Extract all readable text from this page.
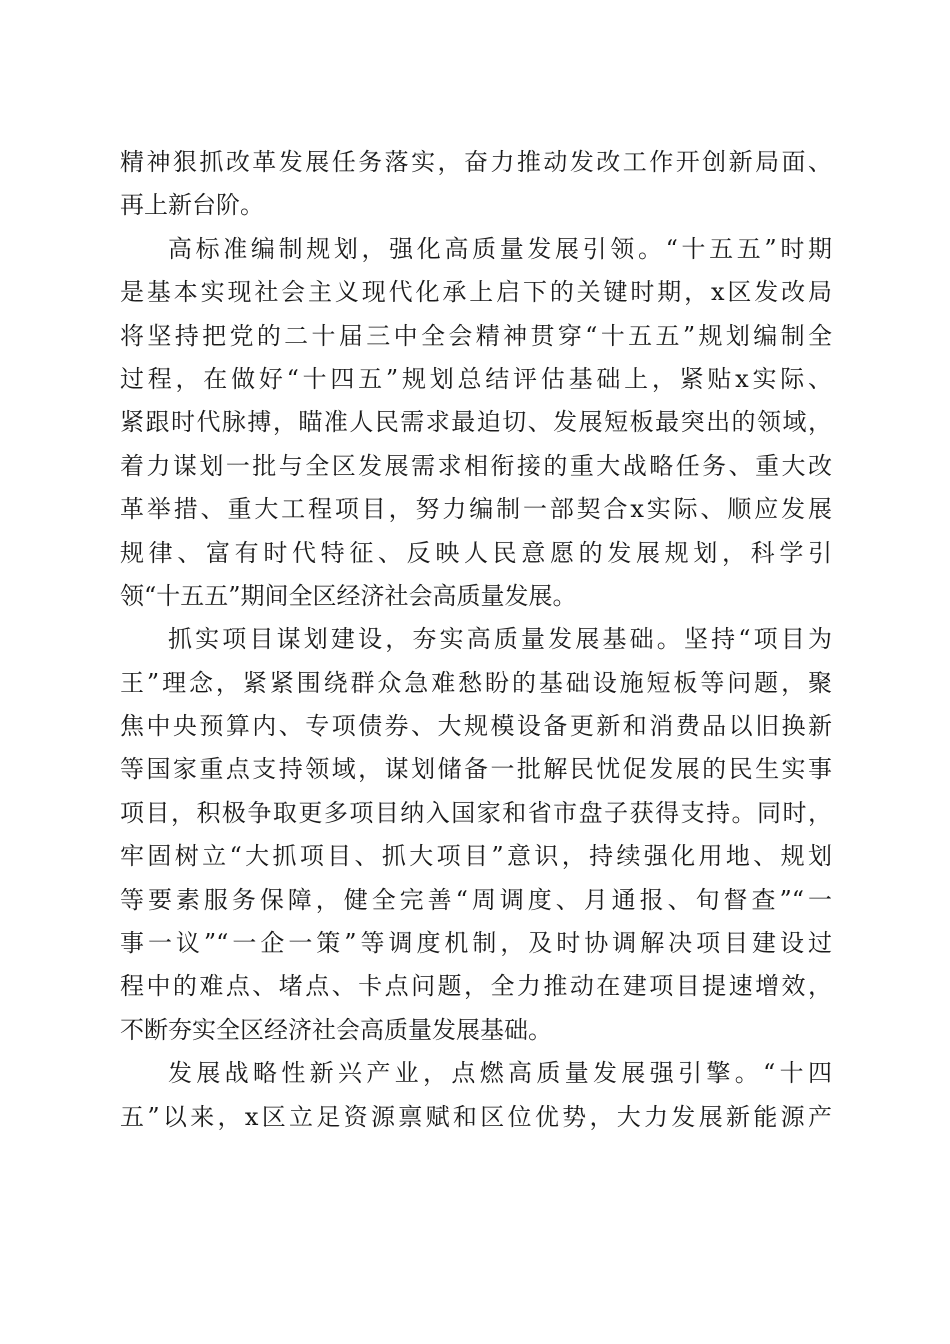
精神狠抓改革发展任务落实，奋力推动发改工作开创新局面、
再上新台阶。
高标准编制规划，强化高质量发展引领。“十五五”时期
是基本实现社会主义现代化承上启下的关键时期，x区发改局
将坚持把党的二十届三中全会精神贯穿“十五五”规划编制全
过程，在做好“十四五”规划总结评估基础上，紧贴x实际、
紧跟时代脉搏，瞄准人民需求最迫切、发展短板最突出的领域，
着力谋划一批与全区发展需求相衔接的重大战略任务、重大改
革举措、重大工程项目，努力编制一部契合x实际、顺应发展
规律、富有时代特征、反映人民意愿的发展规划，科学引
领“十五五”期间全区经济社会高质量发展。
抓实项目谋划建设，夯实高质量发展基础。坚持“项目为
王”理念，紧紧围绕群众急难愁盼的基础设施短板等问题，聚
焦中央预算内、专项债券、大规模设备更新和消费品以旧换新
等国家重点支持领域，谋划储备一批解民忧促发展的民生实事
项目，积极争取更多项目纳入国家和省市盘子获得支持。同时，
牢固树立“大抓项目、抓大项目”意识，持续强化用地、规划
等要素服务保障，健全完善“周调度、月通报、旬督查”“一
事一议”“一企一策”等调度机制，及时协调解决项目建设过
程中的难点、堵点、卡点问题，全力推动在建项目提速增效，
不断夯实全区经济社会高质量发展基础。
发展战略性新兴产业，点燃高质量发展强引擎。“十四
五”以来，x区立足资源禀赋和区位优势，大力发展新能源产
